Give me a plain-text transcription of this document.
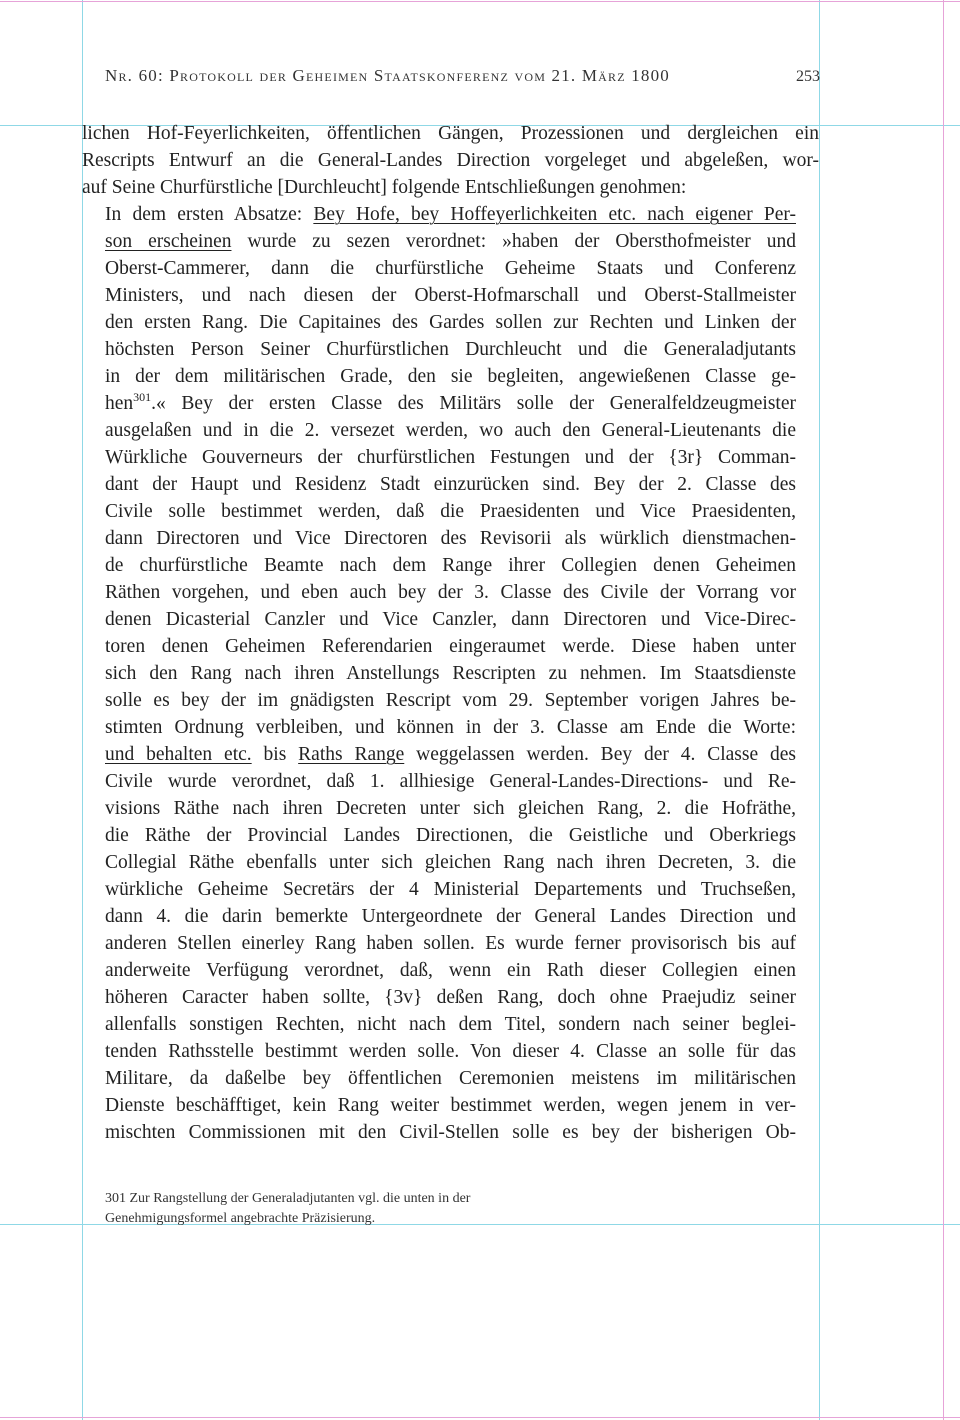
Nr. 60: Protokoll der Geheimen Staatskonferenz vom 21. März 1800	253
lichen Hof-Feyerlichkeiten, öffentlichen Gängen, Prozessionen und dergleichen ein
Rescripts Entwurf an die General-Landes Direction vorgeleget und abgeleßen, wor-
auf Seine Churfürstliche [Durchleucht] folgende Entschließungen genohmen:
In dem ersten Absatze: Bey Hofe, bey Hoffeyerlichkeiten etc. nach eigener Per-
son erscheinen wurde zu sezen verordnet: »haben der Obersthofmeister und
Oberst-Cammerer, dann die churfürstliche Geheime Staats und Conferenz
Ministers, und nach diesen der Oberst-Hofmarschall und Oberst-Stallmeister
den ersten Rang. Die Capitaines des Gardes sollen zur Rechten und Linken der
höchsten Person Seiner Churfürstlichen Durchleucht und die Generaladjutants
in der dem militärischen Grade, den sie begleiten, angewießenen Classe ge-
hen$^{301}$.« Bey der ersten Classe des Militärs solle der Generalfeldzeugmeister
ausgelaßen und in die 2. versezet werden, wo auch den General-Lieutenants die
Würkliche Gouverneurs der churfürstlichen Festungen und der {3r} Comman-
dant der Haupt und Residenz Stadt einzurücken sind. Bey der 2. Classe des
Civile solle bestimmet werden, daß die Praesidenten und Vice Praesidenten,
dann Directoren und Vice Directoren des Revisorii als würklich dienstmachen-
de churfürstliche Beamte nach dem Range ihrer Collegien denen Geheimen
Räthen vorgehen, und eben auch bey der 3. Classe des Civile der Vorrang vor
denen Dicasterial Canzler und Vice Canzler, dann Directoren und Vice-Direc-
toren denen Geheimen Referendarien eingeraumet werde. Diese haben unter
sich den Rang nach ihren Anstellungs Rescripten zu nehmen. Im Staatsdienste
solle es bey der im gnädigsten Rescript vom 29. September vorigen Jahres be-
stimten Ordnung verbleiben, und können in der 3. Classe am Ende die Worte:
und behalten etc. bis Raths Range weggelassen werden. Bey der 4. Classe des
Civile wurde verordnet, daß 1. allhiesige General-Landes-Directions- und Re-
visions Räthe nach ihren Decreten unter sich gleichen Rang, 2. die Hofräthe,
die Räthe der Provincial Landes Directionen, die Geistliche und Oberkriegs
Collegial Räthe ebenfalls unter sich gleichen Rang nach ihren Decreten, 3. die
würkliche Geheime Secretärs der 4 Ministerial Departements und Truchseßen,
dann 4. die darin bemerkte Untergeordnete der General Landes Direction und
anderen Stellen einerley Rang haben sollen. Es wurde ferner provisorisch bis auf
anderweite Verfügung verordnet, daß, wenn ein Rath dieser Collegien einen
höheren Caracter haben sollte, {3v} deßen Rang, doch ohne Praejudiz seiner
allenfalls sonstigen Rechten, nicht nach dem Titel, sondern nach seiner beglei-
tenden Rathsstelle bestimmt werden solle. Von dieser 4. Classe an solle für das
Militare, da daßelbe bey öffentlichen Ceremonien meistens im militärischen
Dienste beschäfftiget, kein Rang weiter bestimmet werden, wegen jenem in ver-
mischten Commissionen mit den Civil-Stellen solle es bey der bisherigen Ob-
301 Zur Rangstellung der Generaladjutanten vgl. die unten in der
Genehmigungsformel angebrachte Präzisierung.
